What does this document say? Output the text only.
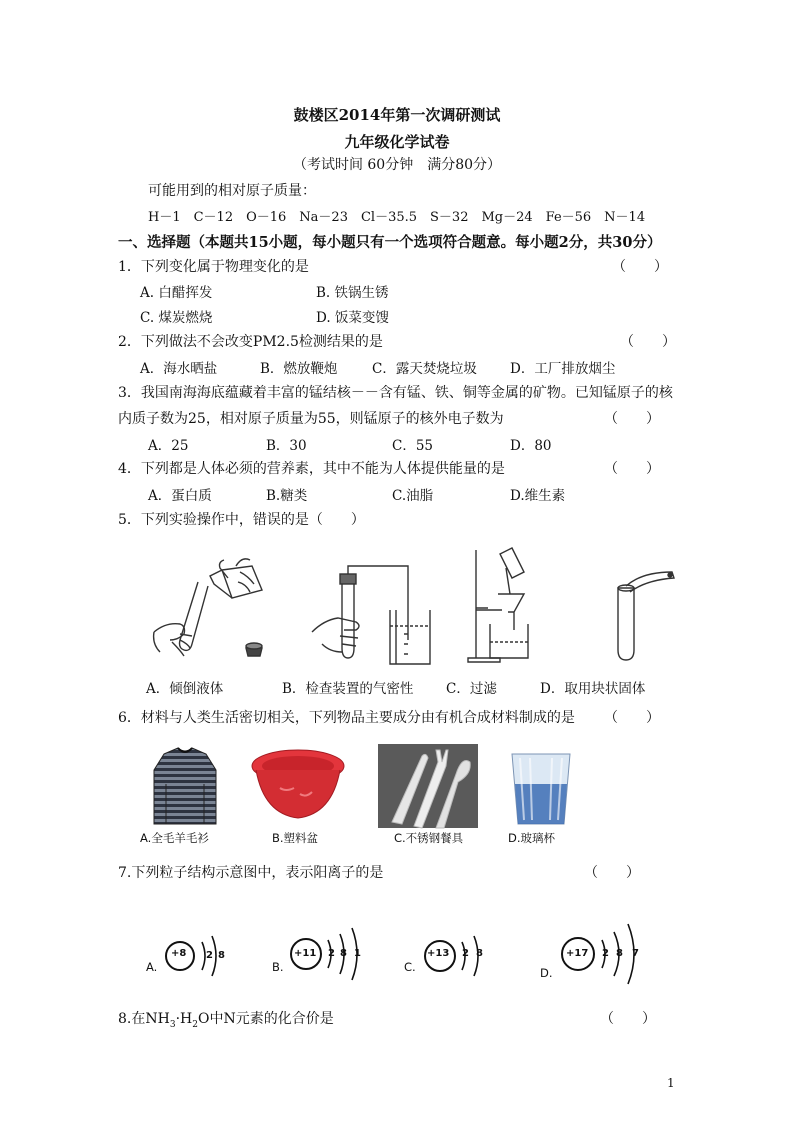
鼓楼区2014年第一次调研测试
九年级化学试卷
（考试时间 60分钟　满分80分）
可能用到的相对原子质量：
H－1　C－12　O－16　Na－23　Cl－35.5　S－32　Mg－24　Fe－56　N－14
一、选择题（本题共15小题，每小题只有一个选项符合题意。每小题2分，共30分）
1．下列变化属于物理变化的是	（　　）
A. 白醋挥发	B. 铁锅生锈
C. 煤炭燃烧	D. 饭菜变馊
2．下列做法不会改变PM2.5检测结果的是	（　　）
A．海水晒盐	B．燃放鞭炮	C．露天焚烧垃圾 D．工厂排放烟尘
3．我国南海海底蕴藏着丰富的锰结核－－含有锰、铁、铜等金属的矿物。已知锰原子的核
内质子数为25，相对原子质量为55，则锰原子的核外电子数为	（　　）
A．25	B．30	C．55	D．80
4．下列都是人体必须的营养素，其中不能为人体提供能量的是	（　　）
A．蛋白质	B.糖类	C.油脂	D.维生素
5．下列实验操作中，错误的是（　　）
A．倾倒液体	B．检查装置的气密性 C．过滤	D．取用块状固体
6．材料与人类生活密切相关，下列物品主要成分由有机合成材料制成的是 （　　）
A.全毛羊毛衫	B.塑料盆	C.不锈钢餐具	D.玻璃杯
7.下列粒子结构示意图中，表示阳离子的是	（　　）
A.
+8 2 8
B.
+11 2 8 1
C.
+13 2 8
D.
+17 2 8 7
8.在$NH_3\cdot H_2O$中N元素的化合价是	（　　）
1
